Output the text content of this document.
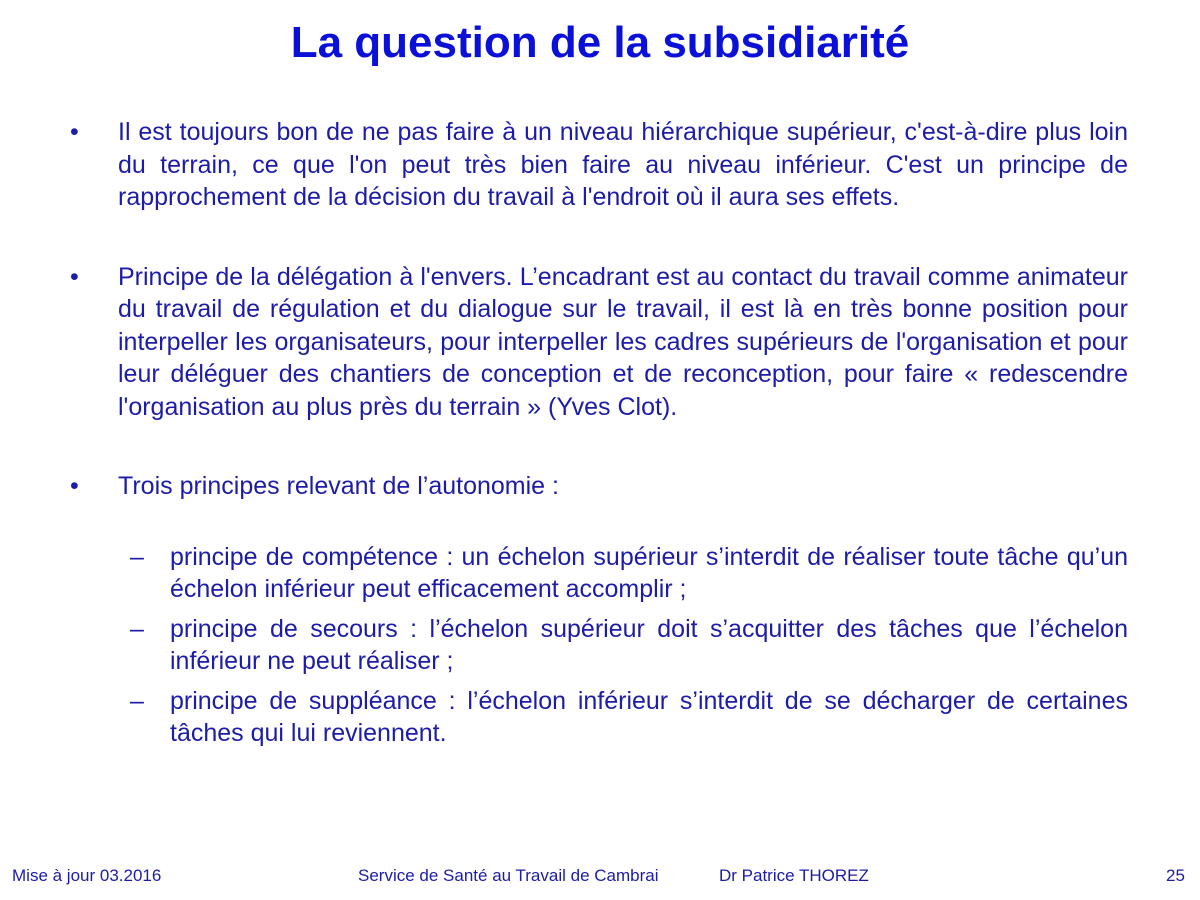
La question de la subsidiarité
•	Il est toujours bon de ne pas faire à un niveau hiérarchique supérieur, c'est-à-dire plus loin du terrain, ce que l'on peut très bien faire au niveau inférieur. C'est un principe de rapprochement de la décision du travail à l'endroit où il aura ses effets.
•	Principe de la délégation à l'envers. L’encadrant est au contact du travail comme animateur du travail de régulation et du dialogue sur le travail, il est là en très bonne position pour interpeller les organisateurs, pour interpeller les cadres supérieurs de l'organisation et pour leur déléguer des chantiers de conception et de reconception, pour faire « redescendre l'organisation au plus près du terrain » (Yves Clot).
•	Trois principes relevant de l’autonomie :
–	principe de compétence : un échelon supérieur s’interdit de réaliser toute tâche qu’un échelon inférieur peut efficacement accomplir ;
–	principe de secours : l’échelon supérieur doit s’acquitter des tâches que l’échelon inférieur ne peut réaliser ;
–	principe de suppléance : l’échelon inférieur s’interdit de se décharger de certaines tâches qui lui reviennent.
Mise à jour 03.2016	Service de Santé au Travail de Cambrai	Dr Patrice THOREZ	25
